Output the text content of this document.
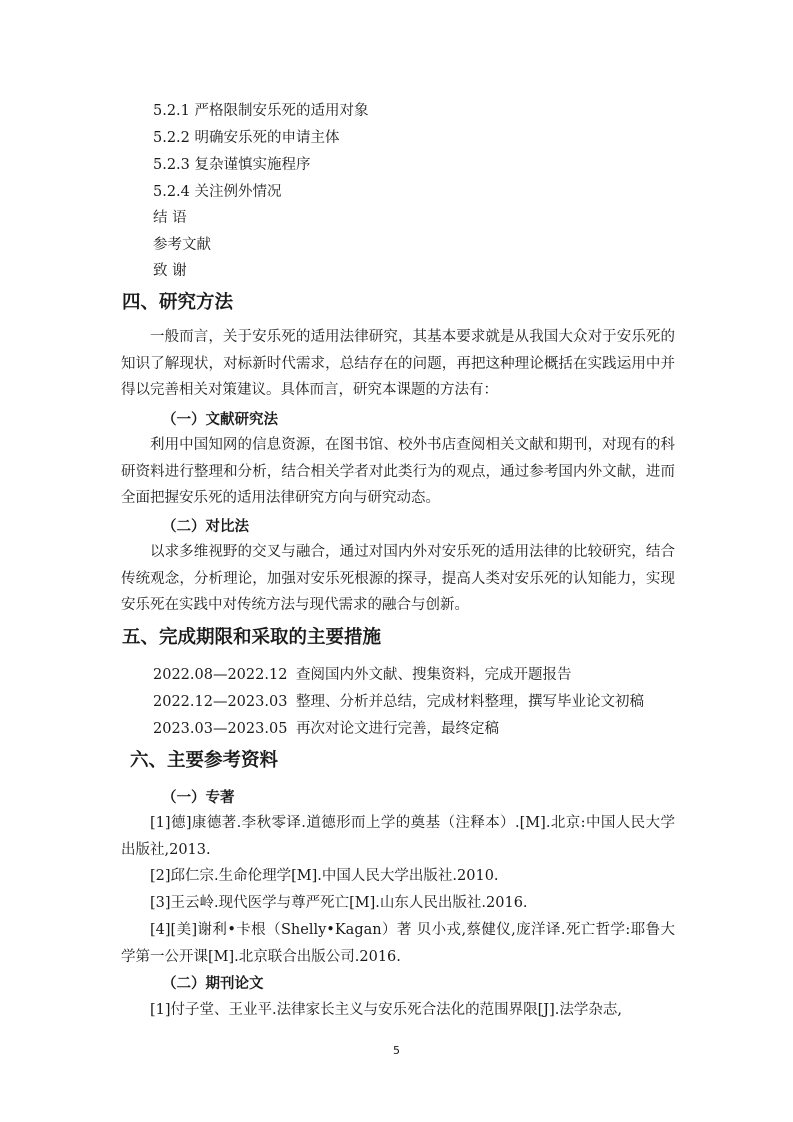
5.2.1 严格限制安乐死的适用对象
5.2.2 明确安乐死的申请主体
5.2.3 复杂谨慎实施程序
5.2.4 关注例外情况
结 语
参考文献
致 谢
四、研究方法
一般而言，关于安乐死的适用法律研究，其基本要求就是从我国大众对于安乐死的知识了解现状，对标新时代需求，总结存在的问题，再把这种理论概括在实践运用中并得以完善相关对策建议。具体而言，研究本课题的方法有：
（一）文献研究法
利用中国知网的信息资源，在图书馆、校外书店查阅相关文献和期刊，对现有的科研资料进行整理和分析，结合相关学者对此类行为的观点，通过参考国内外文献，进而全面把握安乐死的适用法律研究方向与研究动态。
（二）对比法
以求多维视野的交叉与融合，通过对国内外对安乐死的适用法律的比较研究，结合传统观念，分析理论，加强对安乐死根源的探寻，提高人类对安乐死的认知能力，实现安乐死在实践中对传统方法与现代需求的融合与创新。
五、完成期限和采取的主要措施
2022.08—2022.12 查阅国内外文献、搜集资料，完成开题报告
2022.12—2023.03 整理、分析并总结，完成材料整理，撰写毕业论文初稿
2023.03—2023.05 再次对论文进行完善，最终定稿
六、主要参考资料
（一）专著
[1]德]康德著.李秋零译.道德形而上学的奠基（注释本）.[M].北京:中国人民大学出版社,2013.
[2]邱仁宗.生命伦理学[M].中国人民大学出版社.2010.
[3]王云岭.现代医学与尊严死亡[M].山东人民出版社.2016.
[4][美]谢利•卡根（Shelly•Kagan）著 贝小戎,蔡健仪,庞洋译.死亡哲学:耶鲁大学第一公开课[M].北京联合出版公司.2016.
（二）期刊论文
[1]付子堂、王业平.法律家长主义与安乐死合法化的范围界限[J].法学杂志,
5
